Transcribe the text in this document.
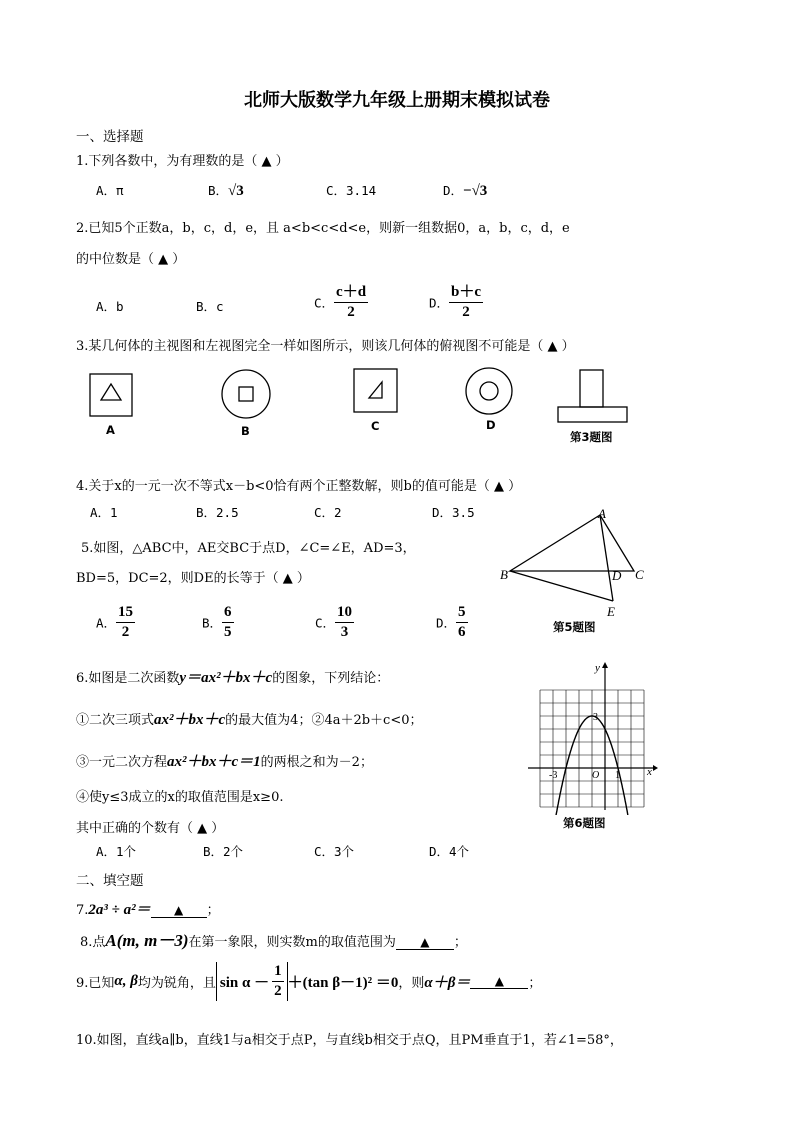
北师大版数学九年级上册期末模拟试卷
一、选择题
1.下列各数中，为有理数的是（ ▲ ）
A．π	B．√3	C．3.14	D．−√3
2.已知5个正数a，b，c，d，e，且 a<b<c<d<e，则新一组数据0，a，b，c，d，e
的中位数是（ ▲ ）
A．b	B．c	C． $\frac{c+d}{2}$	D． $\frac{b+c}{2}$
3.某几何体的主视图和左视图完全一样如图所示，则该几何体的俯视图不可能是（ ▲ ）
A	B	C	D
第3题图
4.关于x的一元一次不等式x－b<0恰有两个正整数解，则b的值可能是（ ▲ ）
A．1	B．2.5	C．2	D．3.5
5.如图，△ABC中，AE交BC于点D，∠C=∠E，AD=3，
BD=5，DC=2，则DE的长等于（ ▲ ）
A
B	C
D
E
第5题图
A． $\frac{15}{2}$	B． $\frac{6}{5}$	C． $\frac{10}{3}$	D． $\frac{5}{6}$
6.如图是二次函数y＝ax²＋bx＋c的图象，下列结论：
①二次三项式ax²＋bx＋c的最大值为4；②4a＋2b＋c<0；
③一元二次方程ax²＋bx＋c＝1的两根之和为－2；
④使y≤3成立的x的取值范围是x≥0.
其中正确的个数有（ ▲ ）
A．1个	B．2个	C．3个	D．4个
y
x
3
-3	O 1
第6题图
二、填空题
7.2a³ ÷ a²＝ ▲ ；
8.点A(m, m－3)在第一象限，则实数m的取值范围为 ▲ ；
9.已知α, β均为锐角，且 $\sin \alpha - \frac{1}{2} +(\tan$ β－1)² ＝0，则α＋β＝ ▲ ；
10.如图，直线a∥b，直线1与a相交于点P，与直线b相交于点Q，且PM垂直于1，若∠1=58°，
